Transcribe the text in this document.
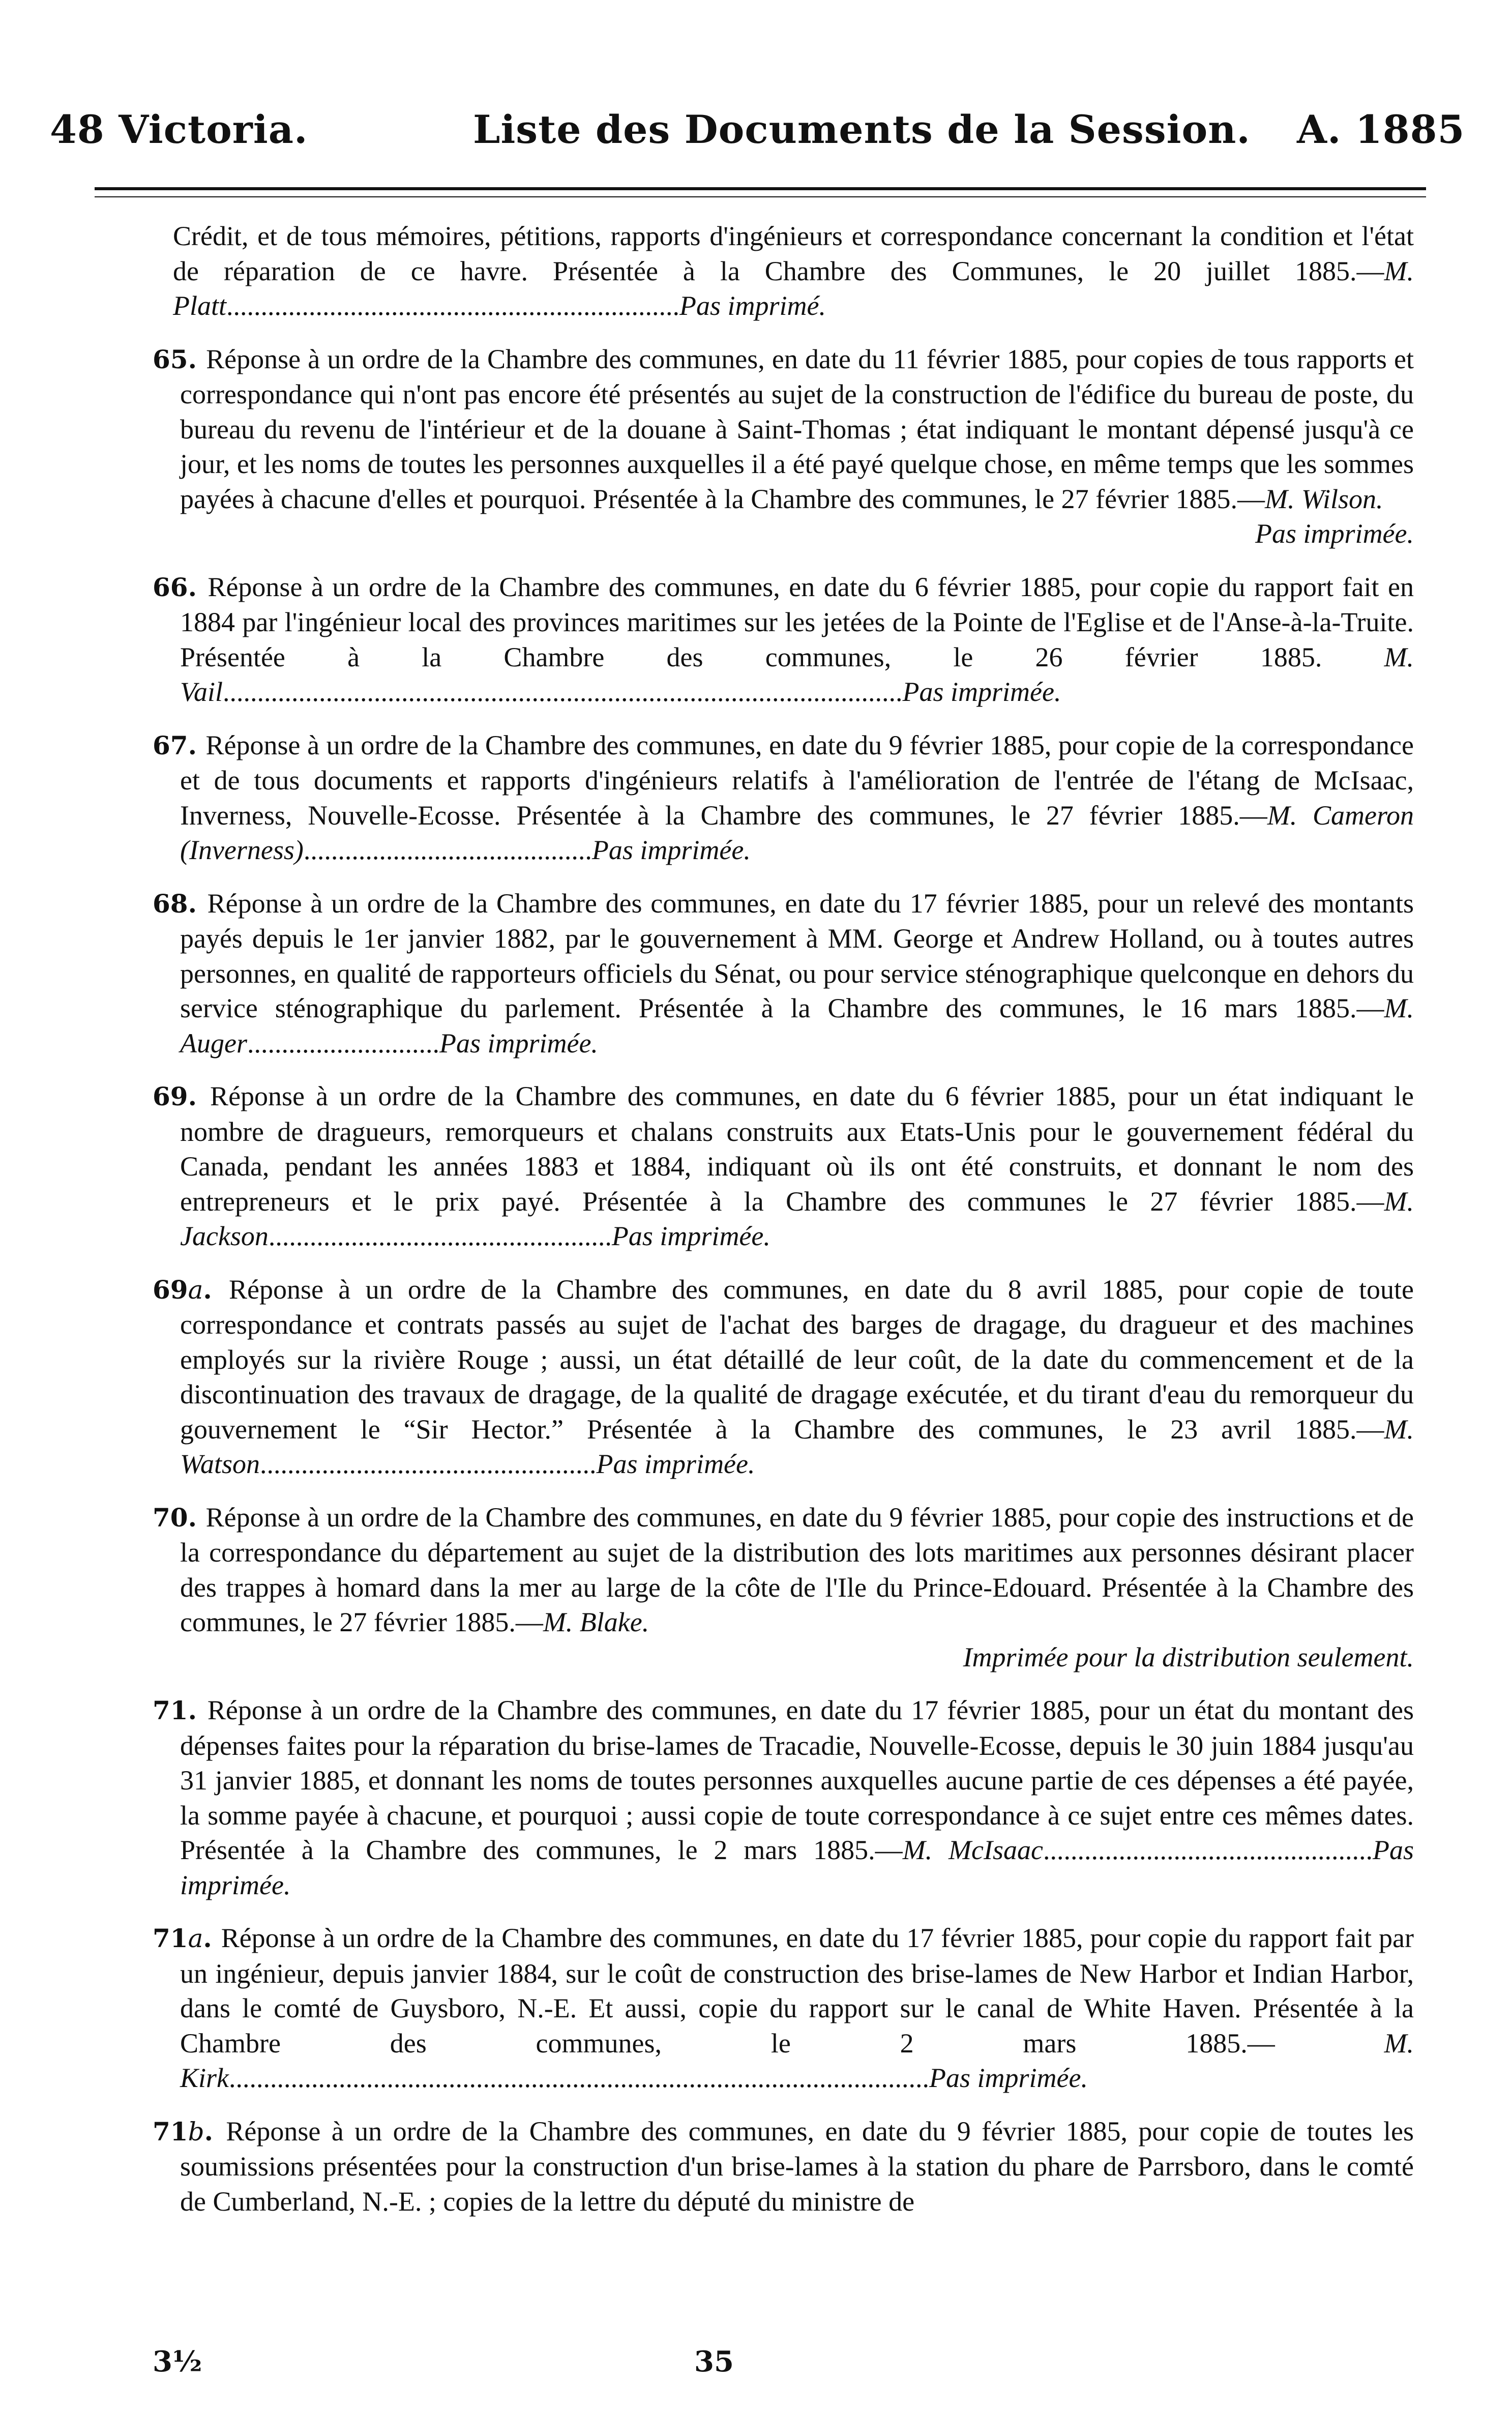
48 Victoria.	Liste des Documents de la Session. A. 1885

Crédit, et de tous mémoires, pétitions, rapports d'ingénieurs et correspondance concernant la condition et l'état de réparation de ce havre. Présentée à la Chambre des Communes, le 20 juillet 1885.—M. Platt..................................................................Pas imprimé.

65. Réponse à un ordre de la Chambre des communes, en date du 11 février 1885, pour copies de tous rapports et correspondance qui n'ont pas encore été présentés au sujet de la construction de l'édifice du bureau de poste, du bureau du revenu de l'intérieur et de la douane à Saint-Thomas ; état indiquant le montant dépensé jusqu'à ce jour, et les noms de toutes les personnes auxquelles il a été payé quelque chose, en même temps que les sommes payées à chacune d'elles et pourquoi. Présentée à la Chambre des communes, le 27 février 1885.—M. Wilson.
Pas imprimée.

66. Réponse à un ordre de la Chambre des communes, en date du 6 février 1885, pour copie du rapport fait en 1884 par l'ingénieur local des provinces maritimes sur les jetées de la Pointe de l'Eglise et de l'Anse-à-la-Truite. Présentée à la Chambre des communes, le 26 février 1885. M. Vail...................................................................................................Pas imprimée.

67. Réponse à un ordre de la Chambre des communes, en date du 9 février 1885, pour copie de la correspondance et de tous documents et rapports d'ingénieurs relatifs à l'amélioration de l'entrée de l'étang de McIsaac, Inverness, Nouvelle-Ecosse. Présentée à la Chambre des communes, le 27 février 1885.—M. Cameron (Inverness)..........................................Pas imprimée.

68. Réponse à un ordre de la Chambre des communes, en date du 17 février 1885, pour un relevé des montants payés depuis le 1er janvier 1882, par le gouvernement à MM. George et Andrew Holland, ou à toutes autres personnes, en qualité de rapporteurs officiels du Sénat, ou pour service sténographique quelconque en dehors du service sténographique du parlement. Présentée à la Chambre des communes, le 16 mars 1885.—M. Auger............................Pas imprimée.

69. Réponse à un ordre de la Chambre des communes, en date du 6 février 1885, pour un état indiquant le nombre de dragueurs, remorqueurs et chalans construits aux Etats-Unis pour le gouvernement fédéral du Canada, pendant les années 1883 et 1884, indiquant où ils ont été construits, et donnant le nom des entrepreneurs et le prix payé. Présentée à la Chambre des communes le 27 février 1885.—M. Jackson..................................................Pas imprimée.

69a. Réponse à un ordre de la Chambre des communes, en date du 8 avril 1885, pour copie de toute correspondance et contrats passés au sujet de l'achat des barges de dragage, du dragueur et des machines employés sur la rivière Rouge ; aussi, un état détaillé de leur coût, de la date du commencement et de la discontinuation des travaux de dragage, de la qualité de dragage exécutée, et du tirant d'eau du remorqueur du gouvernement le “Sir Hector.” Présentée à la Chambre des communes, le 23 avril 1885.—M. Watson.................................................Pas imprimée.

70. Réponse à un ordre de la Chambre des communes, en date du 9 février 1885, pour copie des instructions et de la correspondance du département au sujet de la distribution des lots maritimes aux personnes désirant placer des trappes à homard dans la mer au large de la côte de l'Ile du Prince-Edouard. Présentée à la Chambre des communes, le 27 février 1885.—M. Blake.
Imprimée pour la distribution seulement.

71. Réponse à un ordre de la Chambre des communes, en date du 17 février 1885, pour un état du montant des dépenses faites pour la réparation du brise-lames de Tracadie, Nouvelle-Ecosse, depuis le 30 juin 1884 jusqu'au 31 janvier 1885, et donnant les noms de toutes personnes auxquelles aucune partie de ces dépenses a été payée, la somme payée à chacune, et pourquoi ; aussi copie de toute correspondance à ce sujet entre ces mêmes dates. Présentée à la Chambre des communes, le 2 mars 1885.—M. McIsaac................................................Pas imprimée.

71a. Réponse à un ordre de la Chambre des communes, en date du 17 février 1885, pour copie du rapport fait par un ingénieur, depuis janvier 1884, sur le coût de construction des brise-lames de New Harbor et Indian Harbor, dans le comté de Guysboro, N.-E. Et aussi, copie du rapport sur le canal de White Haven. Présentée à la Chambre des communes, le 2 mars 1885.—	M. Kirk......................................................................................................Pas imprimée.

71b. Réponse à un ordre de la Chambre des communes, en date du 9 février 1885, pour copie de toutes les soumissions présentées pour la construction d'un brise-lames à la station du phare de Parrsboro, dans le comté de Cumberland, N.-E. ; copies de la lettre du député du ministre de

3½	35
